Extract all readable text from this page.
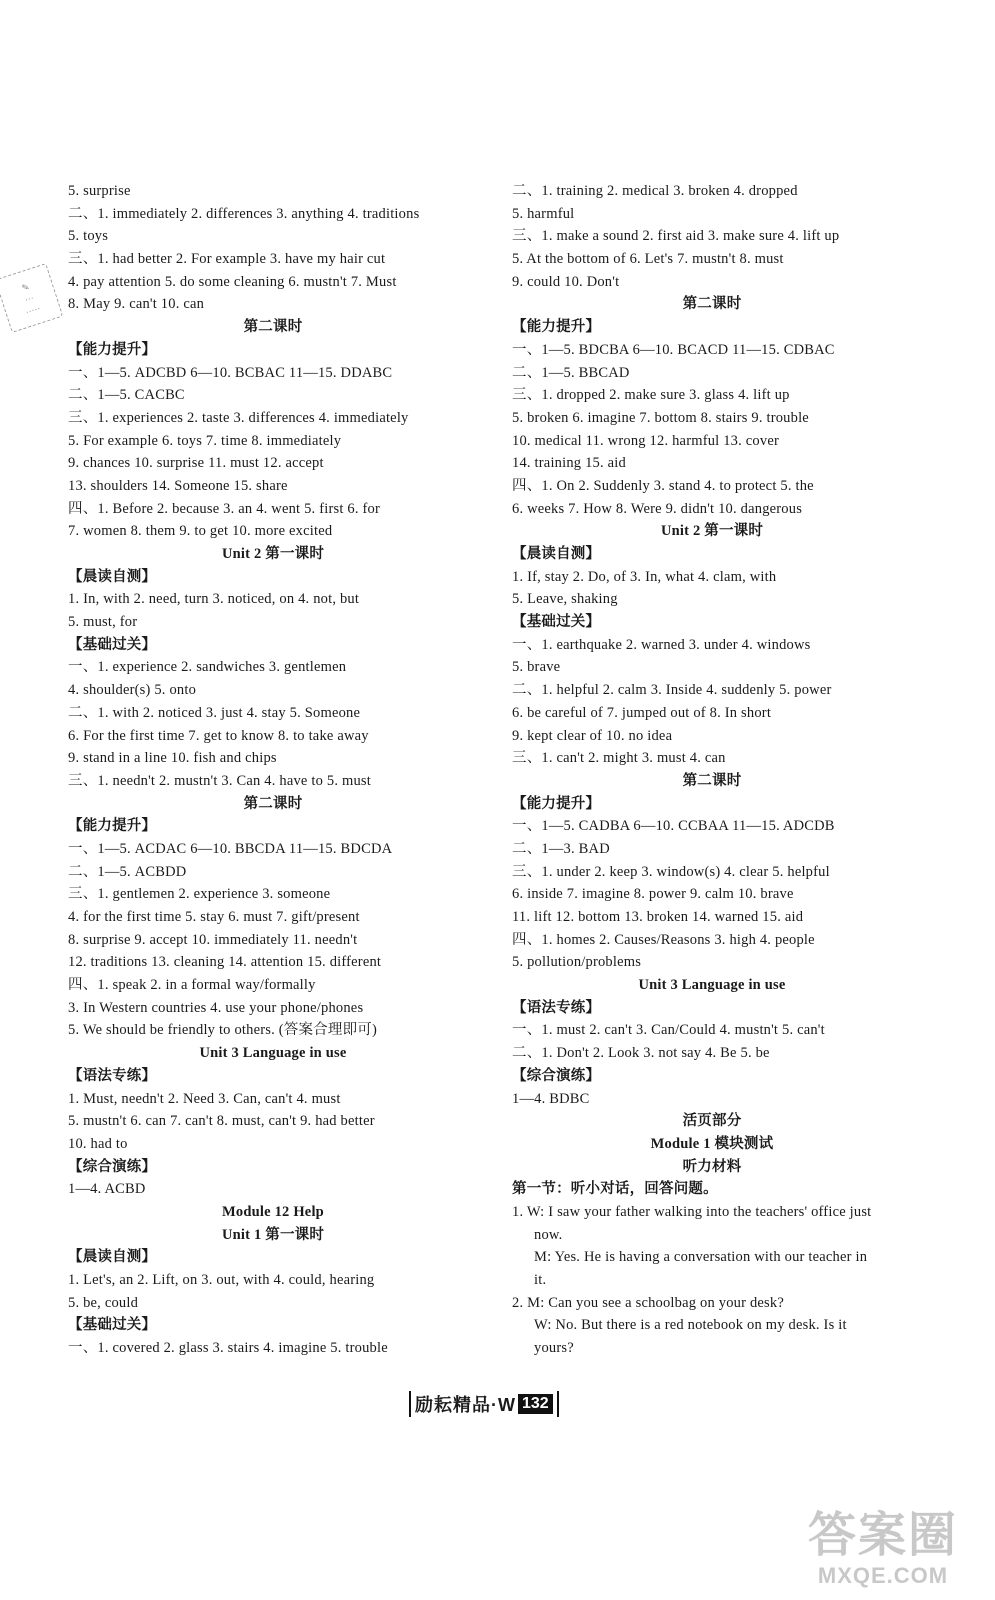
5. surprise
二、1. immediately 2. differences 3. anything 4. traditions
5. toys
三、1. had better 2. For example 3. have my hair cut
4. pay attention 5. do some cleaning 6. mustn't 7. Must
8. May 9. can't 10. can
第二课时
【能力提升】
一、1—5. ADCBD 6—10. BCBAC 11—15. DDABC
二、1—5. CACBC
三、1. experiences 2. taste 3. differences 4. immediately
5. For example 6. toys 7. time 8. immediately
9. chances 10. surprise 11. must 12. accept
13. shoulders 14. Someone 15. share
四、1. Before 2. because 3. an 4. went 5. first 6. for
7. women 8. them 9. to get 10. more excited
Unit 2 第一课时
【晨读自测】
1. In, with 2. need, turn 3. noticed, on 4. not, but
5. must, for
【基础过关】
一、1. experience 2. sandwiches 3. gentlemen
4. shoulder(s) 5. onto
二、1. with 2. noticed 3. just 4. stay 5. Someone
6. For the first time 7. get to know 8. to take away
9. stand in a line 10. fish and chips
三、1. needn't 2. mustn't 3. Can 4. have to 5. must
第二课时
【能力提升】
一、1—5. ACDAC 6—10. BBCDA 11—15. BDCDA
二、1—5. ACBDD
三、1. gentlemen 2. experience 3. someone
4. for the first time 5. stay 6. must 7. gift/present
8. surprise 9. accept 10. immediately 11. needn't
12. traditions 13. cleaning 14. attention 15. different
四、1. speak 2. in a formal way/formally
3. In Western countries 4. use your phone/phones
5. We should be friendly to others. (答案合理即可)
Unit 3 Language in use
【语法专练】
1. Must, needn't 2. Need 3. Can, can't 4. must
5. mustn't 6. can 7. can't 8. must, can't 9. had better
10. had to
【综合演练】
1—4. ACBD
Module 12 Help
Unit 1 第一课时
【晨读自测】
1. Let's, an 2. Lift, on 3. out, with 4. could, hearing
5. be, could
【基础过关】
一、1. covered 2. glass 3. stairs 4. imagine 5. trouble
二、1. training 2. medical 3. broken 4. dropped
5. harmful
三、1. make a sound 2. first aid 3. make sure 4. lift up
5. At the bottom of 6. Let's 7. mustn't 8. must
9. could 10. Don't
第二课时
【能力提升】
一、1—5. BDCBA 6—10. BCACD 11—15. CDBAC
二、1—5. BBCAD
三、1. dropped 2. make sure 3. glass 4. lift up
5. broken 6. imagine 7. bottom 8. stairs 9. trouble
10. medical 11. wrong 12. harmful 13. cover
14. training 15. aid
四、1. On 2. Suddenly 3. stand 4. to protect 5. the
6. weeks 7. How 8. Were 9. didn't 10. dangerous
Unit 2 第一课时
【晨读自测】
1. If, stay 2. Do, of 3. In, what 4. clam, with
5. Leave, shaking
【基础过关】
一、1. earthquake 2. warned 3. under 4. windows
5. brave
二、1. helpful 2. calm 3. Inside 4. suddenly 5. power
6. be careful of 7. jumped out of 8. In short
9. kept clear of 10. no idea
三、1. can't 2. might 3. must 4. can
第二课时
【能力提升】
一、1—5. CADBA 6—10. CCBAA 11—15. ADCDB
二、1—3. BAD
三、1. under 2. keep 3. window(s) 4. clear 5. helpful
6. inside 7. imagine 8. power 9. calm 10. brave
11. lift 12. bottom 13. broken 14. warned 15. aid
四、1. homes 2. Causes/Reasons 3. high 4. people
5. pollution/problems
Unit 3 Language in use
【语法专练】
一、1. must 2. can't 3. Can/Could 4. mustn't 5. can't
二、1. Don't 2. Look 3. not say 4. Be 5. be
【综合演练】
1—4. BDBC
活页部分
Module 1 模块测试
听力材料
第一节：听小对话，回答问题。
1. W: I saw your father walking into the teachers' office just
now.
M: Yes. He is having a conversation with our teacher in
it.
2. M: Can you see a schoolbag on your desk?
W: No. But there is a red notebook on my desk. Is it
yours?
✎
···
·····
励耘精品·W 132
答案圈
MXQE.COM
